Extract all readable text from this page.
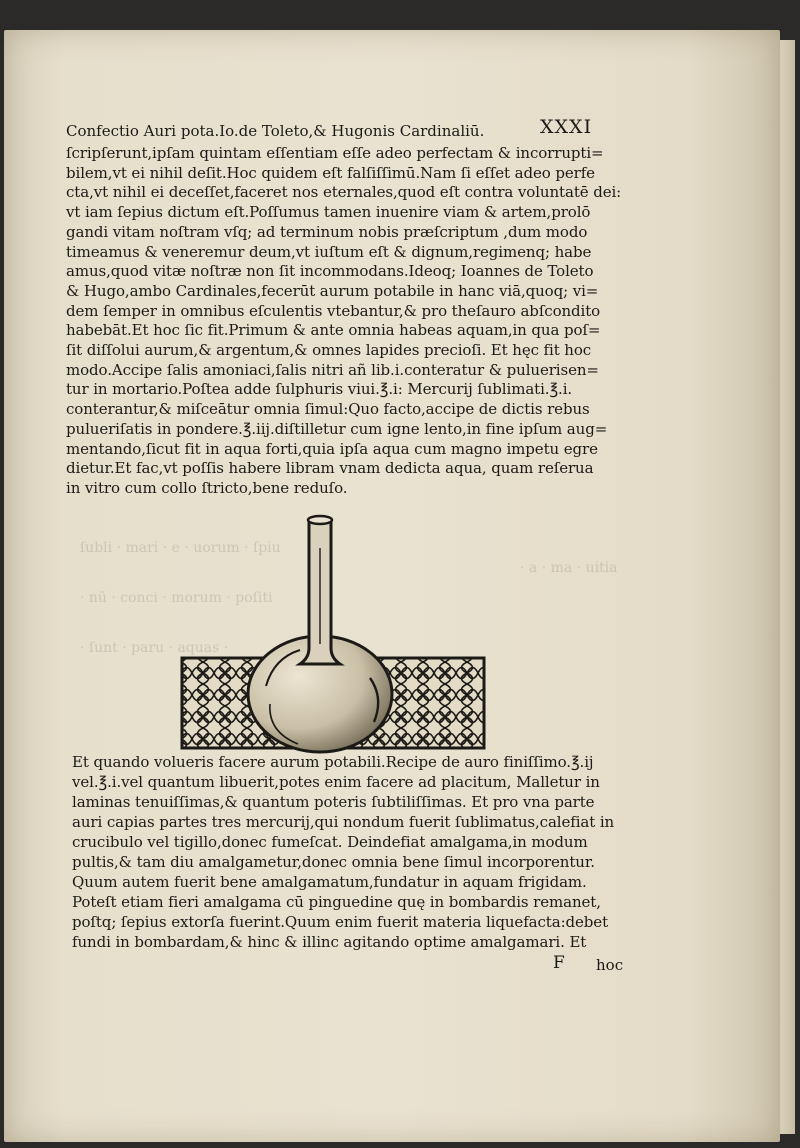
ſubli · mari · e · uorum · ſpiu
· nū · conci · morum · poſiti
· ſunt · paru · aquas ·
· a · ma · uitia
Confectio Auri pota.Io.de Toleto,& Hugonis Cardinaliū.	XXXI
ſcripſerunt,ipſam quintam eſſentiam eſſe adeo perfectam & incorrupti=
bilem,vt ei nihil deſit.Hoc quidem eſt falſiſſimū.Nam ſi eſſet adeo perfe
cta,vt nihil ei deceſſet,faceret nos eternales,quod eſt contra voluntatē dei:
vt iam ſepius dictum eſt.Poſſumus tamen inuenire viam & artem,prolō
gandi vitam noſtram vſq; ad terminum nobis præſcriptum ,dum modo
timeamus & veneremur deum,vt iuſtum eſt & dignum,regimenq; habe
amus,quod vitæ noſtræ non ſit incommodans.Ideoq; Ioannes de Toleto
& Hugo,ambo Cardinales,fecerūt aurum potabile in hanc viā,quoq; vi=
dem ſemper in omnibus eſculentis vtebantur,& pro theſauro abſcondito
habebāt.Et hoc ſic fit.Primum & ante omnia habeas aquam,in qua poſ=
ſit diſſolui aurum,& argentum,& omnes lapides precioſi. Et hęc fit hoc
modo.Accipe ſalis amoniaci,ſalis nitri añ lib.i.conteratur & puluerisen=
tur in mortario.Poſtea adde ſulphuris viui.℥.i: Mercurij ſublimati.℥.i.
conterantur,& miſceātur omnia ſimul:Quo facto,accipe de dictis rebus
pulueriſatis in pondere.℥.iij.diſtilletur cum igne lento,in fine ipſum aug=
mentando,ſicut fit in aqua forti,quia ipſa aqua cum magno impetu egre
dietur.Et fac,vt poſſis habere libram vnam dedicta aqua, quam reſerua
in vitro cum collo ſtricto,bene reduſo.
Et quando volueris facere aurum potabili.Recipe de auro finiſſimo.℥.ij
vel.℥.i.vel quantum libuerit,potes enim facere ad placitum, Malletur in
laminas tenuiſſimas,& quantum poteris ſubtiliſſimas. Et pro vna parte
auri capias partes tres mercurij,qui nondum fuerit ſublimatus,calefiat in
crucibulo vel tigillo,donec fumeſcat. Deindefiat amalgama,in modum
pultis,& tam diu amalgametur,donec omnia bene ſimul incorporentur.
Quum autem fuerit bene amalgamatum,fundatur in aquam frigidam.
Poteſt etiam fieri amalgama cū pinguedine quę in bombardis remanet,
poſtq; ſepius extorſa fuerint.Quum enim fuerit materia liquefacta:debet
fundi in bombardam,& hinc & illinc agitando optime amalgamari. Et
F hoc
